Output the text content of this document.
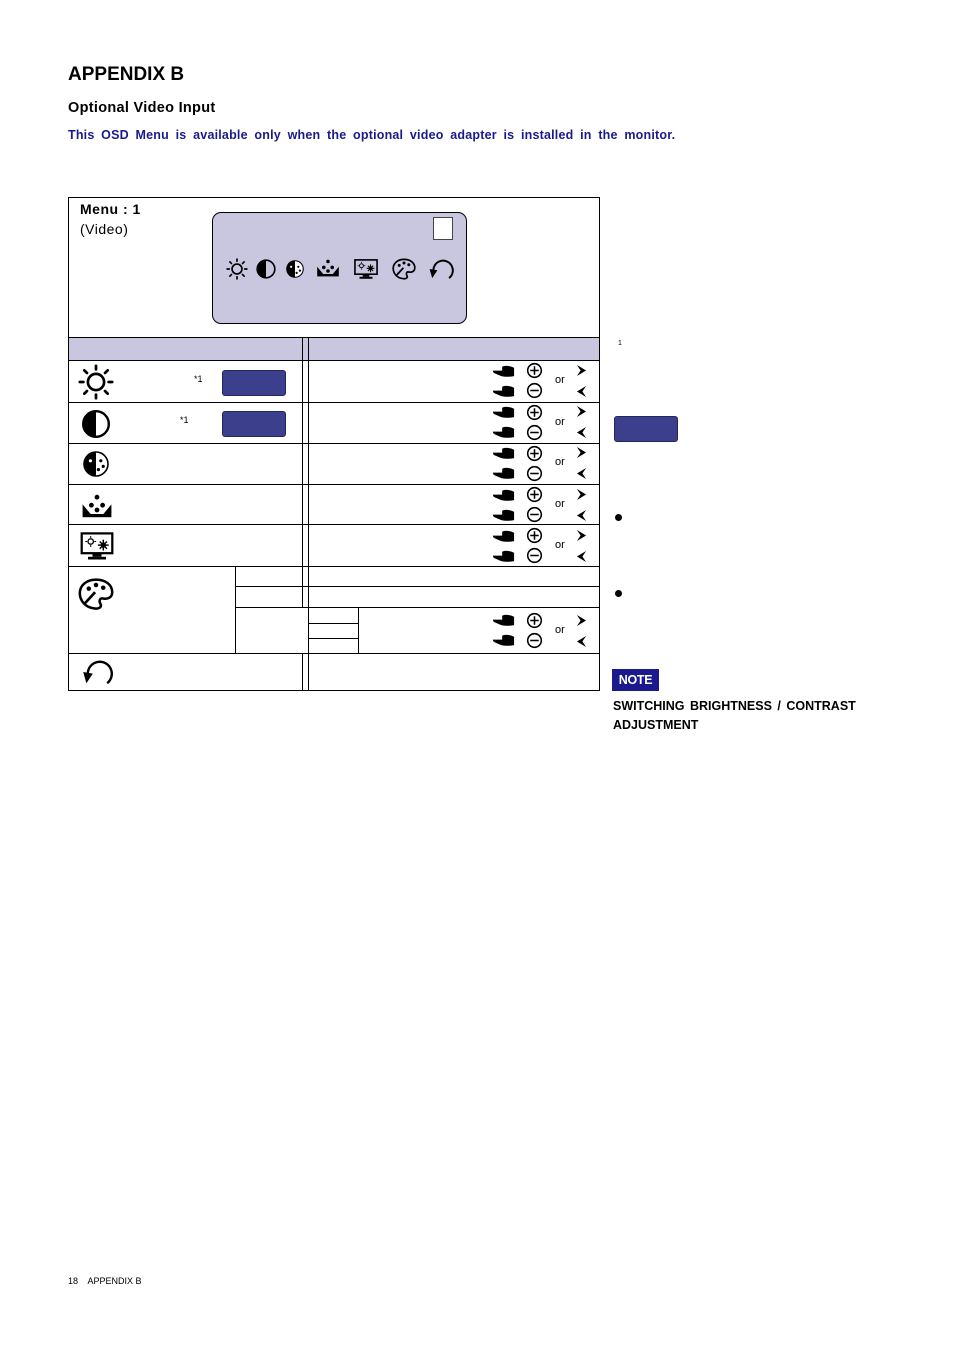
APPENDIX B
Optional Video Input
This OSD Menu is available only when the optional video adapter is installed in the monitor.
Menu : 1
(Video)
*1
*1
or
or
or
or
or
or
1
NOTE
SWITCHING BRIGHTNESS / CONTRAST ADJUSTMENT
18 APPENDIX B
